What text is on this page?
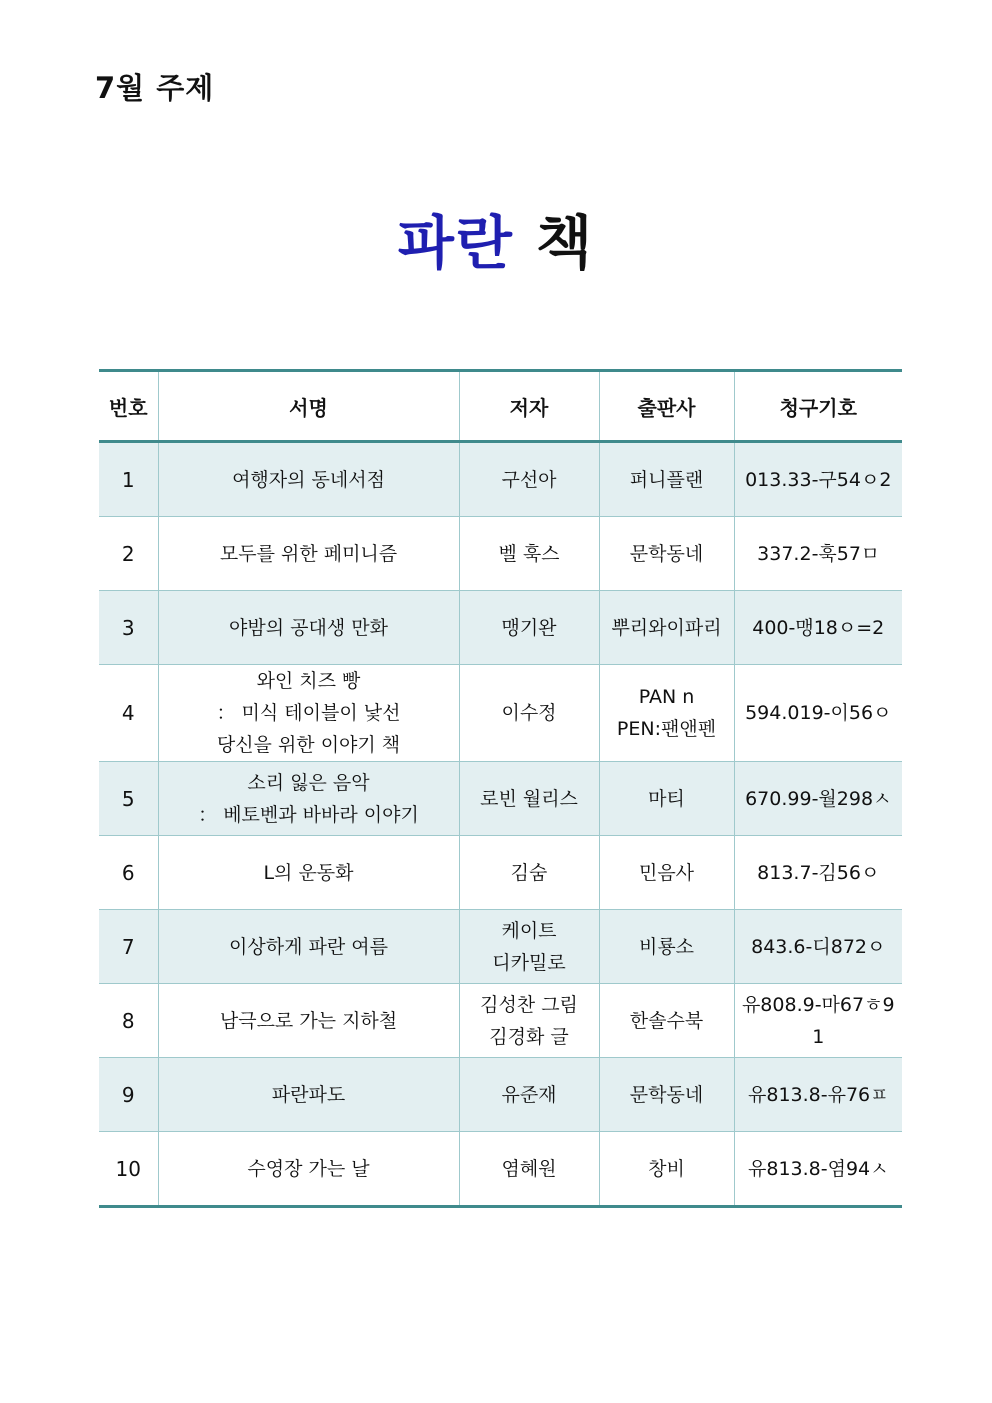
7월 주제
파란 책
번호	서명	저자	출판사	청구기호
1	여행자의 동네서점	구선아	퍼니플랜	013.33-구54ㅇ2

2	모두를 위한 페미니즘	벨 훅스	문학동네	337.2-훅57ㅁ

3	야밤의 공대생 만화	맹기완	뿌리와이파리	400-맹18ㅇ=2

4	와인 치즈 빵
： 미식 테이블이 낯선
당신을 위한 이야기 책	이수정	PAN n
PEN:팬앤펜	594.019-이56ㅇ

5	소리 잃은 음악
： 베토벤과 바바라 이야기	로빈 월리스	마티	670.99-월298ㅅ

6	L의 운동화	김숨	민음사	813.7-김56ㅇ

7	이상하게 파란 여름	케이트
디카밀로	비룡소	843.6-디872ㅇ

8	남극으로 가는 지하철	김성찬 그림
김경화 글	한솔수북	유808.9-마67ㅎ9
1

9	파란파도	유준재	문학동네	유813.8-유76ㅍ

10	수영장 가는 날	염혜원	창비	유813.8-염94ㅅ
